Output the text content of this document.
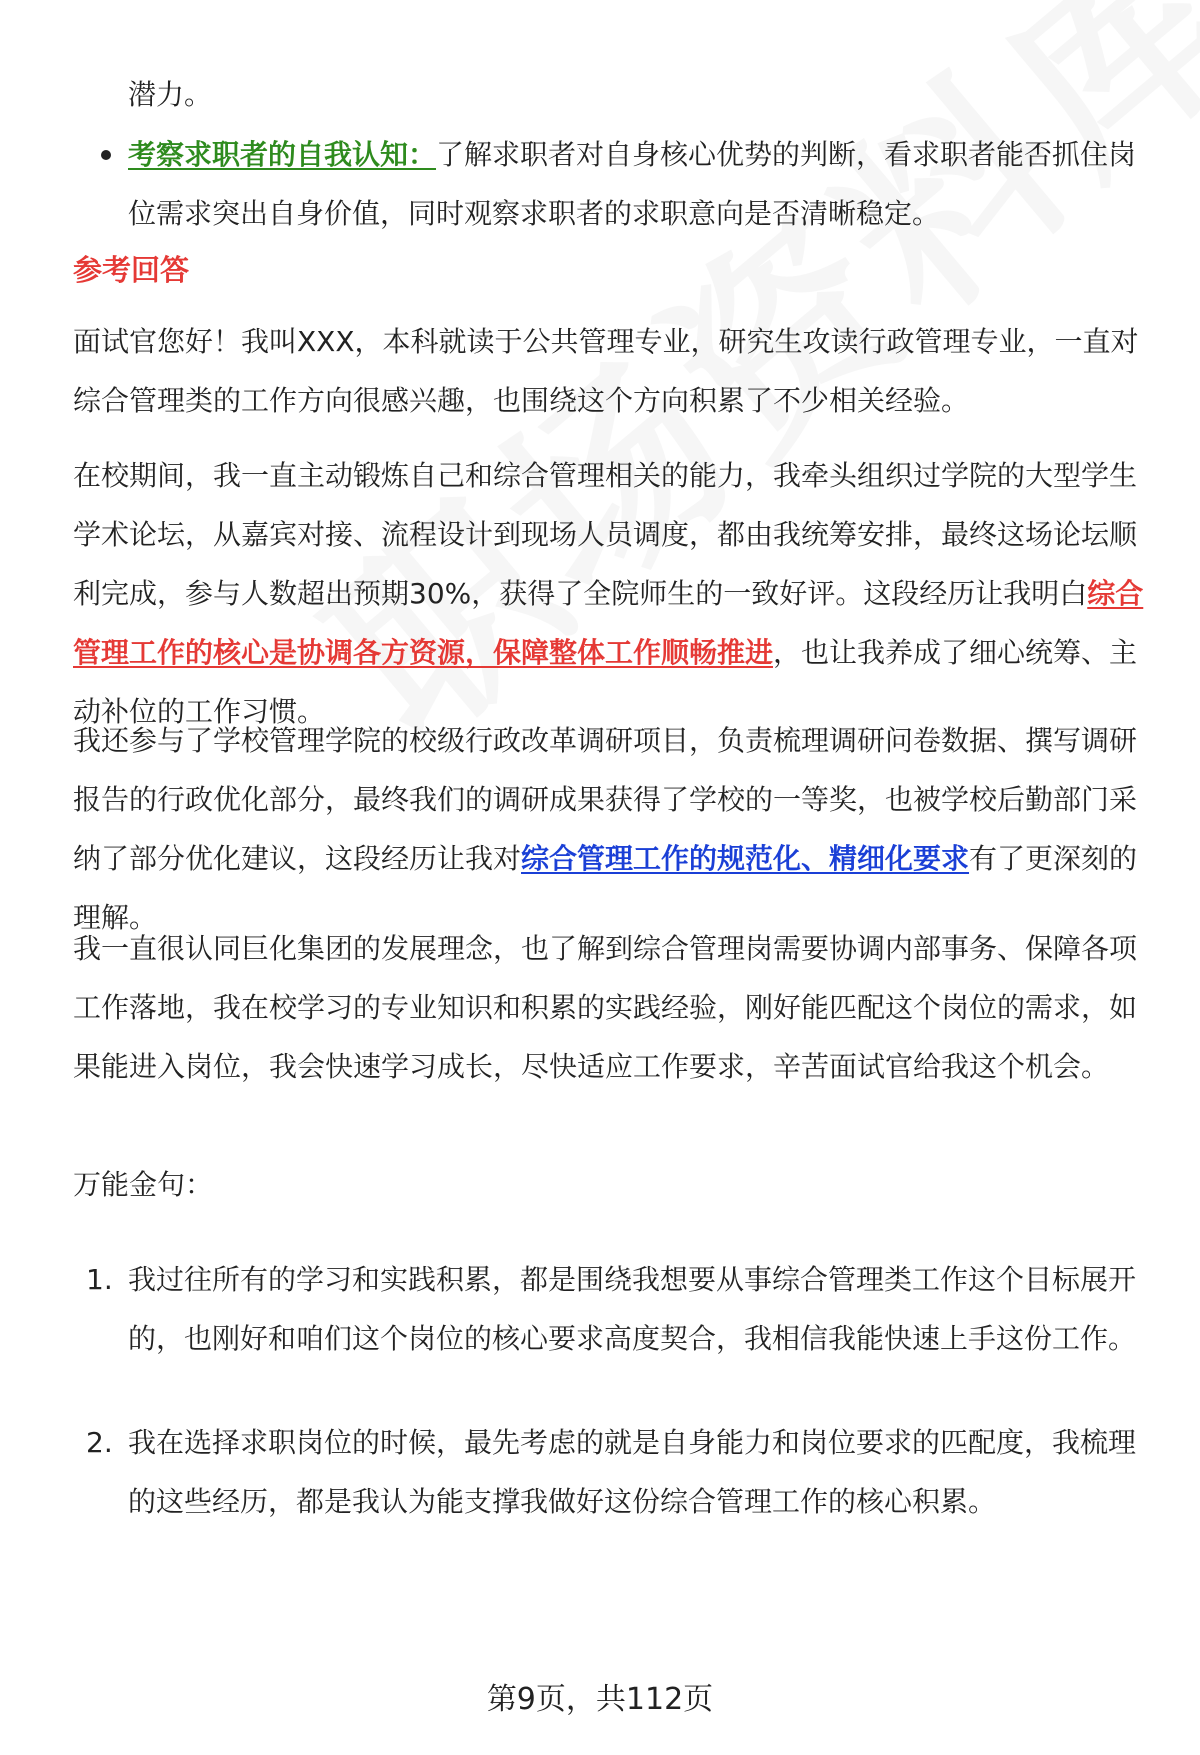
潜力。

考察求职者的自我认知：了解求职者对自身核心优势的判断，看求职者能否抓住岗位需求突出自身价值，同时观察求职者的求职意向是否清晰稳定。

参考回答

面试官您好！我叫XXX，本科就读于公共管理专业，研究生攻读行政管理专业，一直对综合管理类的工作方向很感兴趣，也围绕这个方向积累了不少相关经验。

在校期间，我一直主动锻炼自己和综合管理相关的能力，我牵头组织过学院的大型学生学术论坛，从嘉宾对接、流程设计到现场人员调度，都由我统筹安排，最终这场论坛顺利完成，参与人数超出预期30%，获得了全院师生的一致好评。这段经历让我明白综合管理工作的核心是协调各方资源，保障整体工作顺畅推进，也让我养成了细心统筹、主动补位的工作习惯。

我还参与了学校管理学院的校级行政改革调研项目，负责梳理调研问卷数据、撰写调研报告的行政优化部分，最终我们的调研成果获得了学校的一等奖，也被学校后勤部门采纳了部分优化建议，这段经历让我对综合管理工作的规范化、精细化要求有了更深刻的理解。

我一直很认同巨化集团的发展理念，也了解到综合管理岗需要协调内部事务、保障各项工作落地，我在校学习的专业知识和积累的实践经验，刚好能匹配这个岗位的需求，如果能进入岗位，我会快速学习成长，尽快适应工作要求，辛苦面试官给我这个机会。

万能金句：

1. 我过往所有的学习和实践积累，都是围绕我想要从事综合管理类工作这个目标展开的，也刚好和咱们这个岗位的核心要求高度契合，我相信我能快速上手这份工作。

2. 我在选择求职岗位的时候，最先考虑的就是自身能力和岗位要求的匹配度，我梳理的这些经历，都是我认为能支撑我做好这份综合管理工作的核心积累。

第9页，共112页
